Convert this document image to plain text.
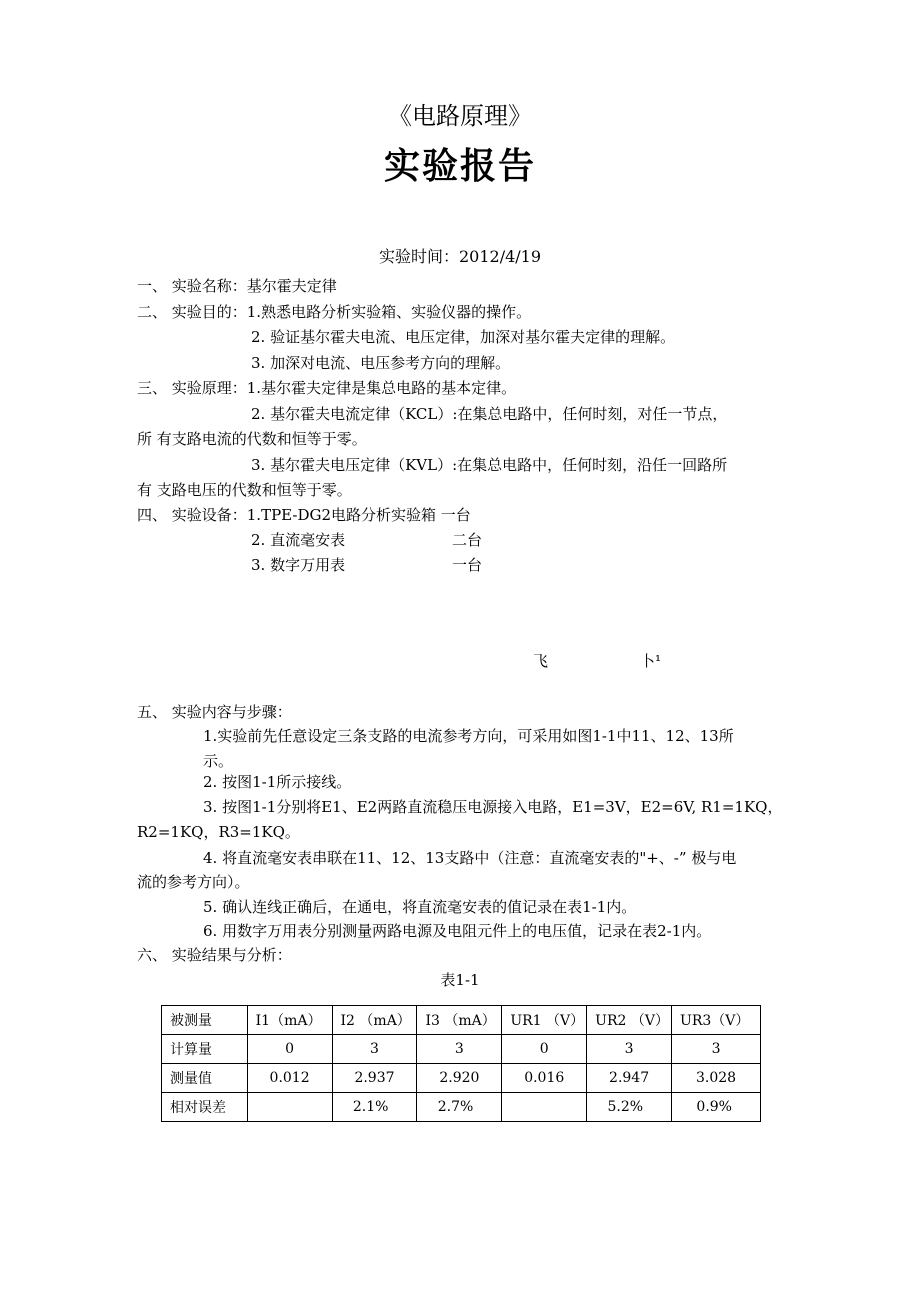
《电路原理》
实验报告
实验时间：2012/4/19
一、 实验名称：基尔霍夫定律
二、 实验目的：1.熟悉电路分析实验箱、实验仪器的操作。
2. 验证基尔霍夫电流、电压定律，加深对基尔霍夫定律的理解。
3. 加深对电流、电压参考方向的理解。
三、 实验原理：1.基尔霍夫定律是集总电路的基本定律。
2. 基尔霍夫电流定律（KCL）:在集总电路中，任何时刻，对任一节点，
所 有支路电流的代数和恒等于零。
3. 基尔霍夫电压定律（KVL）:在集总电路中，任何时刻，沿任一回路所
有 支路电压的代数和恒等于零。
四、 实验设备：1.TPE-DG2电路分析实验箱 一台
2. 直流毫安表	二台
3. 数字万用表	一台
飞	卜¹
五、 实验内容与步骤：
1.实验前先任意设定三条支路的电流参考方向，可采用如图1-1中11、12、13所
示。
2. 按图1-1所示接线。
3. 按图1-1分别将E1、E2两路直流稳压电源接入电路，E1=3V，E2=6V, R1=1KQ，
R2=1KQ，R3=1KQ。
4. 将直流毫安表串联在11、12、13支路中（注意：直流毫安表的"+、-” 极与电
流的参考方向）。
5. 确认连线正确后，在通电，将直流毫安表的值记录在表1-1内。
6. 用数字万用表分别测量两路电源及电阻元件上的电压值，记录在表2-1内。
六、 实验结果与分析：
表1-1
被测量	I1（mA）	I2 （mA）	I3 （mA）	UR1 （V）	UR2 （V）	UR3（V）
计算量	0	3	3	0	3	3
测量值	0.012	2.937	2.920	0.016	2.947	3.028
相对误差		2.1%	2.7%		5.2%	0.9%
